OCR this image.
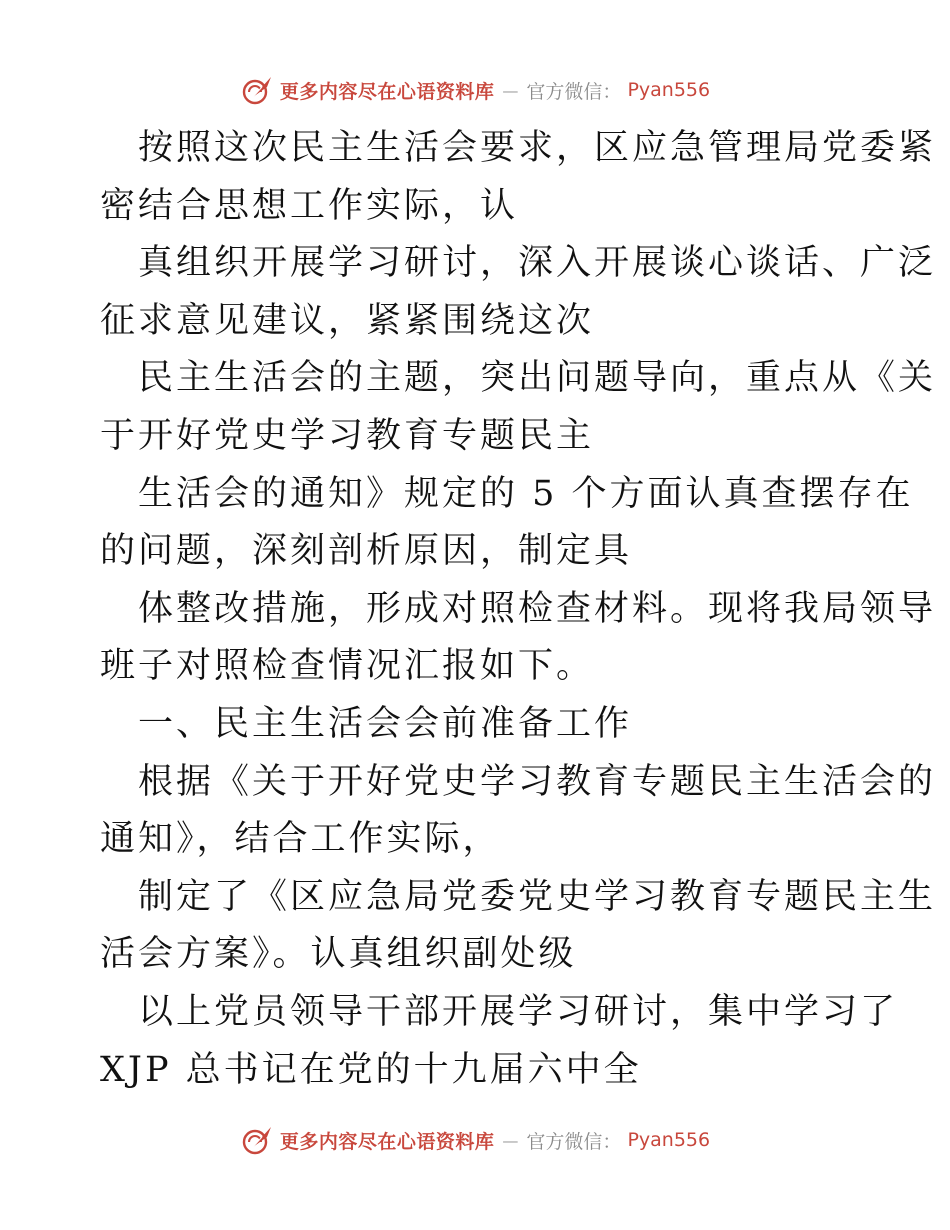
更多内容尽在心语资料库 — 官方微信： Pyan556
按照这次民主生活会要求，区应急管理局党委紧
密结合思想工作实际，认
真组织开展学习研讨，深入开展谈心谈话、广泛
征求意见建议，紧紧围绕这次
民主生活会的主题，突出问题导向，重点从《关
于开好党史学习教育专题民主
生活会的通知》规定的 5 个方面认真查摆存在
的问题，深刻剖析原因，制定具
体整改措施，形成对照检查材料。现将我局领导
班子对照检查情况汇报如下。
一、民主生活会会前准备工作
根据《关于开好党史学习教育专题民主生活会的
通知》，结合工作实际，
制定了《区应急局党委党史学习教育专题民主生
活会方案》。认真组织副处级
以上党员领导干部开展学习研讨，集中学习了
XJP 总书记在党的十九届六中全
更多内容尽在心语资料库 — 官方微信： Pyan556
